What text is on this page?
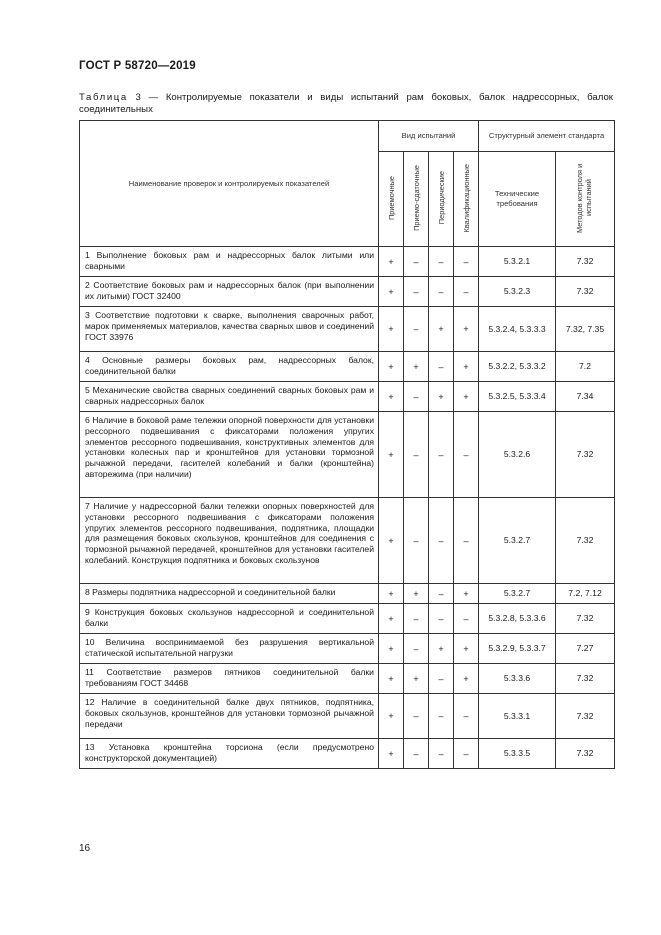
ГОСТ Р 58720—2019
Таблица 3 — Контролируемые показатели и виды испытаний рам боковых, балок надрессорных, балок соединительных
Наименование проверок и контролируемых показателей	Вид испытаний				Структурный элемент стандарта	
	Приемочные	Приемо-сдаточные	Периодические	Квалификационные	Технические требования	Методов контроля и испытаний
1 Выполнение боковых рам и надрессорных балок литыми или сварными	+	–	–	–	5.3.2.1	7.32
2 Соответствие боковых рам и надрессорных балок (при выполнении их литыми) ГОСТ 32400	+	–	–	–	5.3.2.3	7.32
3 Соответствие подготовки к сварке, выполнения сварочных работ, марок применяемых материалов, качества сварных швов и соединений ГОСТ 33976	+	–	+	+	5.3.2.4, 5.3.3.3	7.32, 7.35
4 Основные размеры боковых рам, надрессорных балок, соединительной балки	+	+	–	+	5.3.2.2, 5.3.3.2	7.2
5 Механические свойства сварных соединений сварных боковых рам и сварных надрессорных балок	+	–	+	+	5.3.2.5, 5.3.3.4	7.34
6 Наличие в боковой раме тележки опорной поверхности для установки рессорного подвешивания с фиксаторами положения упругих элементов рессорного подвешивания, конструктивных элементов для установки колесных пар и кронштейнов для установки тормозной рычажной передачи, гасителей колебаний и балки (кронштейна) авторежима (при наличии)	+	–	–	–	5.3.2.6	7.32
7 Наличие у надрессорной балки тележки опорных поверхностей для установки рессорного подвешивания с фиксаторами положения упругих элементов рессорного подвешивания, подпятника, площадки для размещения боковых скользунов, кронштейнов для соединения с тормозной рычажной передачей, кронштейнов для установки гасителей колебаний. Конструкция подпятника и боковых скользунов	+	–	–	–	5.3.2.7	7.32
8 Размеры подпятника надрессорной и соединительной балки	+	+	–	+	5.3.2.7	7.2, 7.12
9 Конструкция боковых скользунов надрессорной и соединительной балки	+	–	–	–	5.3.2.8, 5.3.3.6	7.32
10 Величина воспринимаемой без разрушения вертикальной статической испытательной нагрузки	+	–	+	+	5.3.2.9, 5.3.3.7	7.27
11 Соответствие размеров пятников соединительной балки требованиям ГОСТ 34468	+	+	–	+	5.3.3.6	7.32
12 Наличие в соединительной балке двух пятников, подпятника, боковых скользунов, кронштейнов для установки тормозной рычажной передачи	+	–	–	–	5.3.3.1	7.32
13 Установка кронштейна торсиона (если предусмотрено конструкторской документацией)	+	–	–	–	5.3.3.5	7.32
16
